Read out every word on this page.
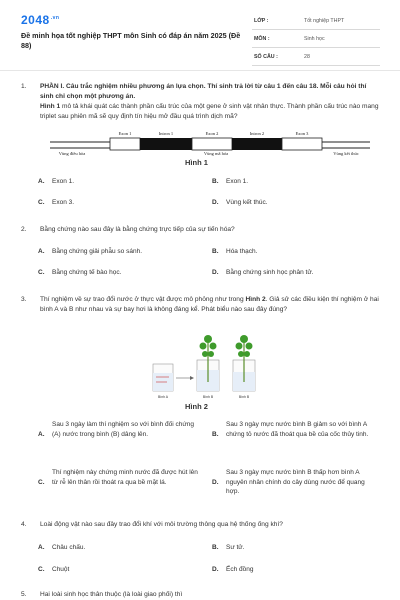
$2048^{.vn}$
Đề minh họa tốt nghiệp THPT môn Sinh có đáp án năm 2025 (Đề 88)
LỚP :	Tốt nghiệp THPT
MÔN :	Sinh học
SỐ CÂU :	28
1. PHẦN I. Câu trắc nghiệm nhiều phương án lựa chọn. Thí sinh trả lời từ câu 1 đến câu 18. Mỗi câu hỏi thí sinh chỉ chọn một phương án.
Hình 1 mô tả khái quát các thành phần cấu trúc của một gene ở sinh vật nhân thực. Thành phần cấu trúc nào mang triplet sau phiên mã sẽ quy định tín hiệu mở đầu quá trình dịch mã?
Exon 1	Intron 1	Exon 2	Intron 2	Exon 3
Vùng điều hòa	Vùng mã hóa	Vùng kết thúc
Hình 1
A. Exon 1.	B. Exon 1.
C. Exon 3.	D. Vùng kết thúc.
2. Bằng chứng nào sau đây là bằng chứng trực tiếp của sự tiến hóa?
A. Bằng chứng giải phẫu so sánh.	B. Hóa thạch.
C. Bằng chứng tế bào học.	D. Bằng chứng sinh học phân tử.
3. Thí nghiệm về sự trao đổi nước ở thực vật được mô phỏng như trong Hình 2. Giả sử các điều kiện thí nghiệm ở hai bình A và B như nhau và sự bay hơi là không đáng kể. Phát biểu nào sau đây đúng?
Bình A	Bình B	Bình B
Hình 2
A.
Sau 3 ngày làm thí nghiệm so với bình đối chứng (A) nước trong bình (B) dâng lên.	B.
Sau 3 ngày mực nước bình B giảm so với bình A chứng tỏ nước đã thoát qua bề của cốc thủy tinh.
C.
Thí nghiệm này chứng minh nước đã được hút lên từ rễ lên thân rồi thoát ra qua bề mặt lá.	D.
Sau 3 ngày mực nước bình B thấp hơn bình A nguyên nhân chính do cây dùng nước để quang hợp.
4. Loài động vật nào sau đây trao đổi khí với môi trường thông qua hệ thống ống khí?
A. Châu chấu.	B. Sư tử.
C. Chuột	D. Ếch đồng
5. Hai loài sinh học thân thuộc (là loài giao phối) thì
